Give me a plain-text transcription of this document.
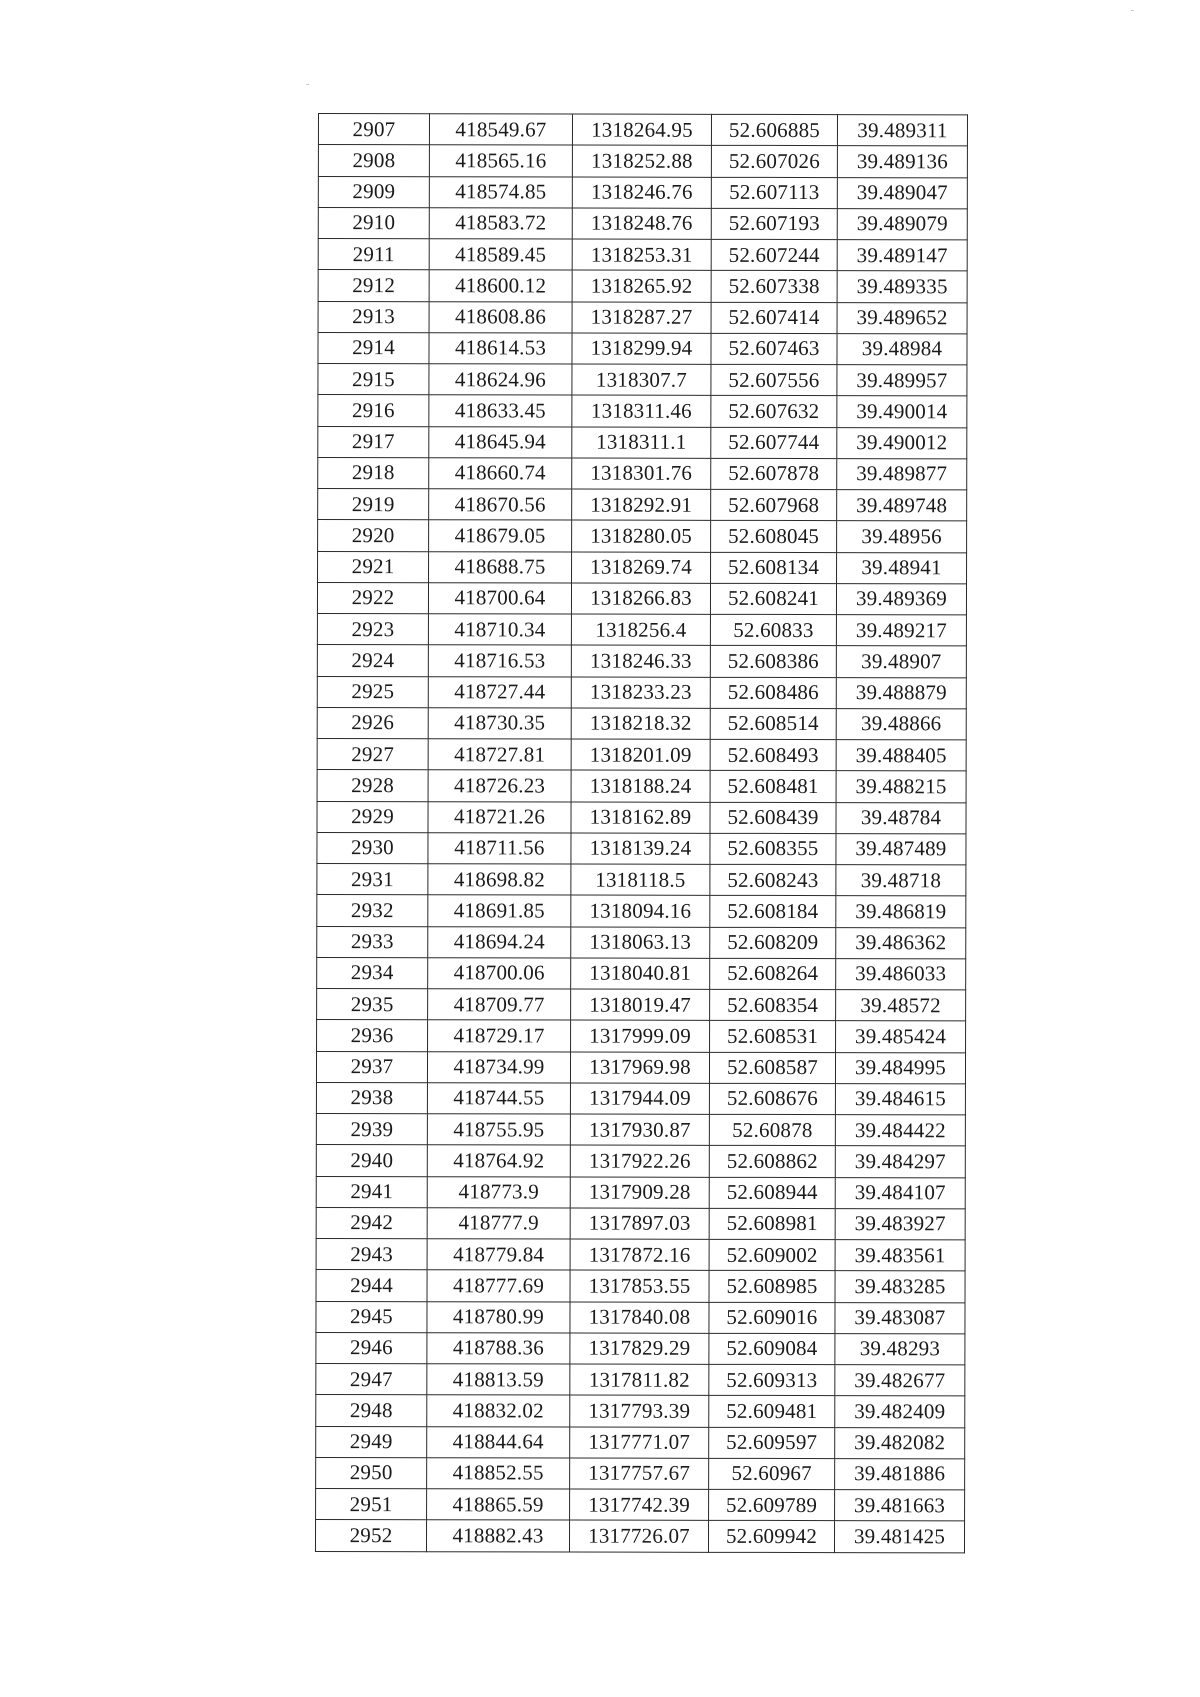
2907	418549.67	1318264.95	52.606885	39.489311
2908	418565.16	1318252.88	52.607026	39.489136
2909	418574.85	1318246.76	52.607113	39.489047
2910	418583.72	1318248.76	52.607193	39.489079
2911	418589.45	1318253.31	52.607244	39.489147
2912	418600.12	1318265.92	52.607338	39.489335
2913	418608.86	1318287.27	52.607414	39.489652
2914	418614.53	1318299.94	52.607463	39.48984
2915	418624.96	1318307.7	52.607556	39.489957
2916	418633.45	1318311.46	52.607632	39.490014
2917	418645.94	1318311.1	52.607744	39.490012
2918	418660.74	1318301.76	52.607878	39.489877
2919	418670.56	1318292.91	52.607968	39.489748
2920	418679.05	1318280.05	52.608045	39.48956
2921	418688.75	1318269.74	52.608134	39.48941
2922	418700.64	1318266.83	52.608241	39.489369
2923	418710.34	1318256.4	52.60833	39.489217
2924	418716.53	1318246.33	52.608386	39.48907
2925	418727.44	1318233.23	52.608486	39.488879
2926	418730.35	1318218.32	52.608514	39.48866
2927	418727.81	1318201.09	52.608493	39.488405
2928	418726.23	1318188.24	52.608481	39.488215
2929	418721.26	1318162.89	52.608439	39.48784
2930	418711.56	1318139.24	52.608355	39.487489
2931	418698.82	1318118.5	52.608243	39.48718
2932	418691.85	1318094.16	52.608184	39.486819
2933	418694.24	1318063.13	52.608209	39.486362
2934	418700.06	1318040.81	52.608264	39.486033
2935	418709.77	1318019.47	52.608354	39.48572
2936	418729.17	1317999.09	52.608531	39.485424
2937	418734.99	1317969.98	52.608587	39.484995
2938	418744.55	1317944.09	52.608676	39.484615
2939	418755.95	1317930.87	52.60878	39.484422
2940	418764.92	1317922.26	52.608862	39.484297
2941	418773.9	1317909.28	52.608944	39.484107
2942	418777.9	1317897.03	52.608981	39.483927
2943	418779.84	1317872.16	52.609002	39.483561
2944	418777.69	1317853.55	52.608985	39.483285
2945	418780.99	1317840.08	52.609016	39.483087
2946	418788.36	1317829.29	52.609084	39.48293
2947	418813.59	1317811.82	52.609313	39.482677
2948	418832.02	1317793.39	52.609481	39.482409
2949	418844.64	1317771.07	52.609597	39.482082
2950	418852.55	1317757.67	52.60967	39.481886
2951	418865.59	1317742.39	52.609789	39.481663
2952	418882.43	1317726.07	52.609942	39.481425
